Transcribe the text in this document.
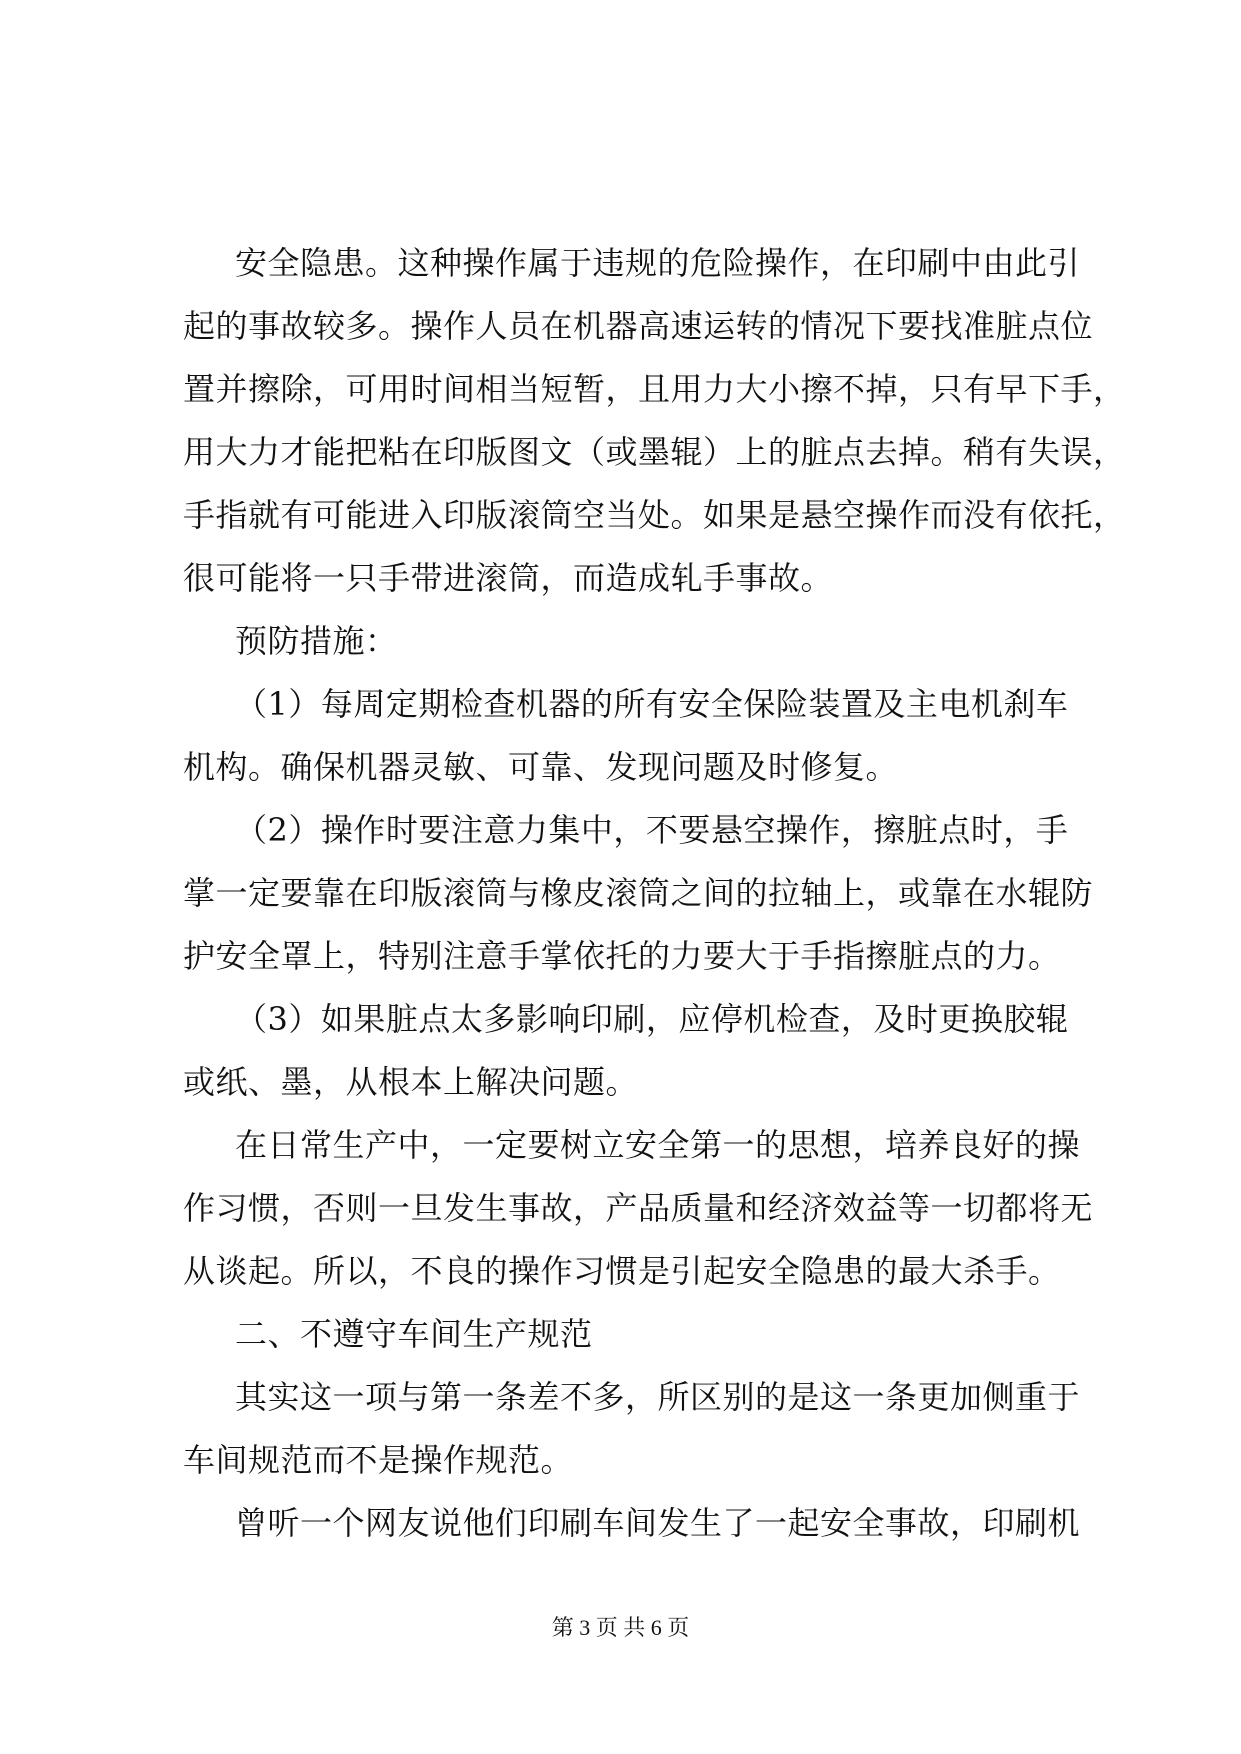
安全隐患。这种操作属于违规的危险操作，在印刷中由此引
起的事故较多。操作人员在机器高速运转的情况下要找准脏点位
置并擦除，可用时间相当短暂，且用力大小擦不掉，只有早下手，
用大力才能把粘在印版图文（或墨辊）上的脏点去掉。稍有失误，
手指就有可能进入印版滚筒空当处。如果是悬空操作而没有依托，
很可能将一只手带进滚筒，而造成轧手事故。
预防措施：
（1）每周定期检查机器的所有安全保险装置及主电机刹车
机构。确保机器灵敏、可靠、发现问题及时修复。
（2）操作时要注意力集中，不要悬空操作，擦脏点时，手
掌一定要靠在印版滚筒与橡皮滚筒之间的拉轴上，或靠在水辊防
护安全罩上，特别注意手掌依托的力要大于手指擦脏点的力。
（3）如果脏点太多影响印刷，应停机检查，及时更换胶辊
或纸、墨，从根本上解决问题。
在日常生产中，一定要树立安全第一的思想，培养良好的操
作习惯，否则一旦发生事故，产品质量和经济效益等一切都将无
从谈起。所以，不良的操作习惯是引起安全隐患的最大杀手。
二、不遵守车间生产规范
其实这一项与第一条差不多，所区别的是这一条更加侧重于
车间规范而不是操作规范。
曾听一个网友说他们印刷车间发生了一起安全事故，印刷机
第 3 页 共 6 页
